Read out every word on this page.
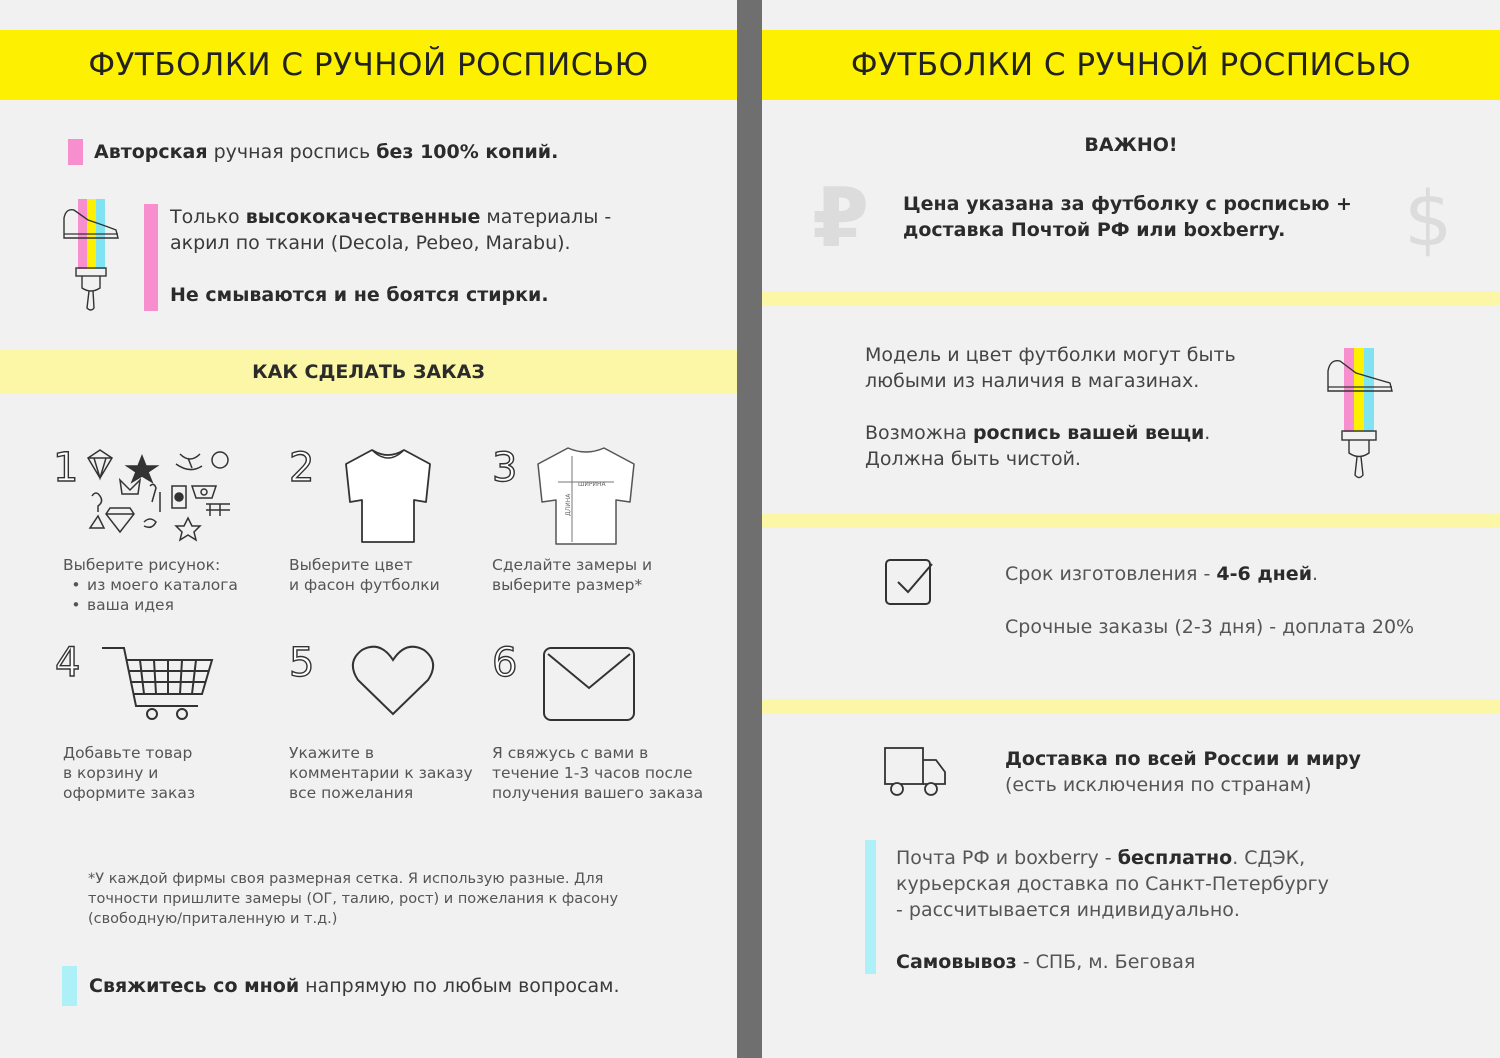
ФУТБОЛКИ С РУЧНОЙ РОСПИСЬЮ
Авторская ручная роспись без 100% копий.
Только высококачественные материалы -
акрил по ткани (Decola, Pebeo, Marabu).
Не смываются и не боятся стирки.
КАК СДЕЛАТЬ ЗАКАЗ
1
Выберите рисунок:
• из моего каталога
• ваша идея
2
Выберите цвет
и фасон футболки
3	ШИРИНА
ДЛИНА
Сделайте замеры и
выберите размер*
4
Добавьте товар
в корзину и
оформите заказ
5
Укажите в
комментарии к заказу
все пожелания
6
Я свяжусь с вами в
течение 1-3 часов после
получения вашего заказа
*У каждой фирмы своя размерная сетка. Я использую разные. Для
точности пришлите замеры (ОГ, талию, рост) и пожелания к фасону
(свободную/приталенную и т.д.)
Свяжитесь со мной напрямую по любым вопросам.
ФУТБОЛКИ С РУЧНОЙ РОСПИСЬЮ
ВАЖНО!
₽	$
Цена указана за футболку с росписью +
доставка Почтой РФ или boxberry.
Модель и цвет футболки могут быть
любыми из наличия в магазинах.
Возможна роспись вашей вещи.
Должна быть чистой.
Срок изготовления - 4-6 дней.
Срочные заказы (2-3 дня) - доплата 20%
Доставка по всей России и миру
(есть исключения по странам)
Почта РФ и boxberry - бесплатно. СДЭК,
курьерская доставка по Санкт-Петербургу
- рассчитывается индивидуально.
Самовывоз - СПБ, м. Беговая
